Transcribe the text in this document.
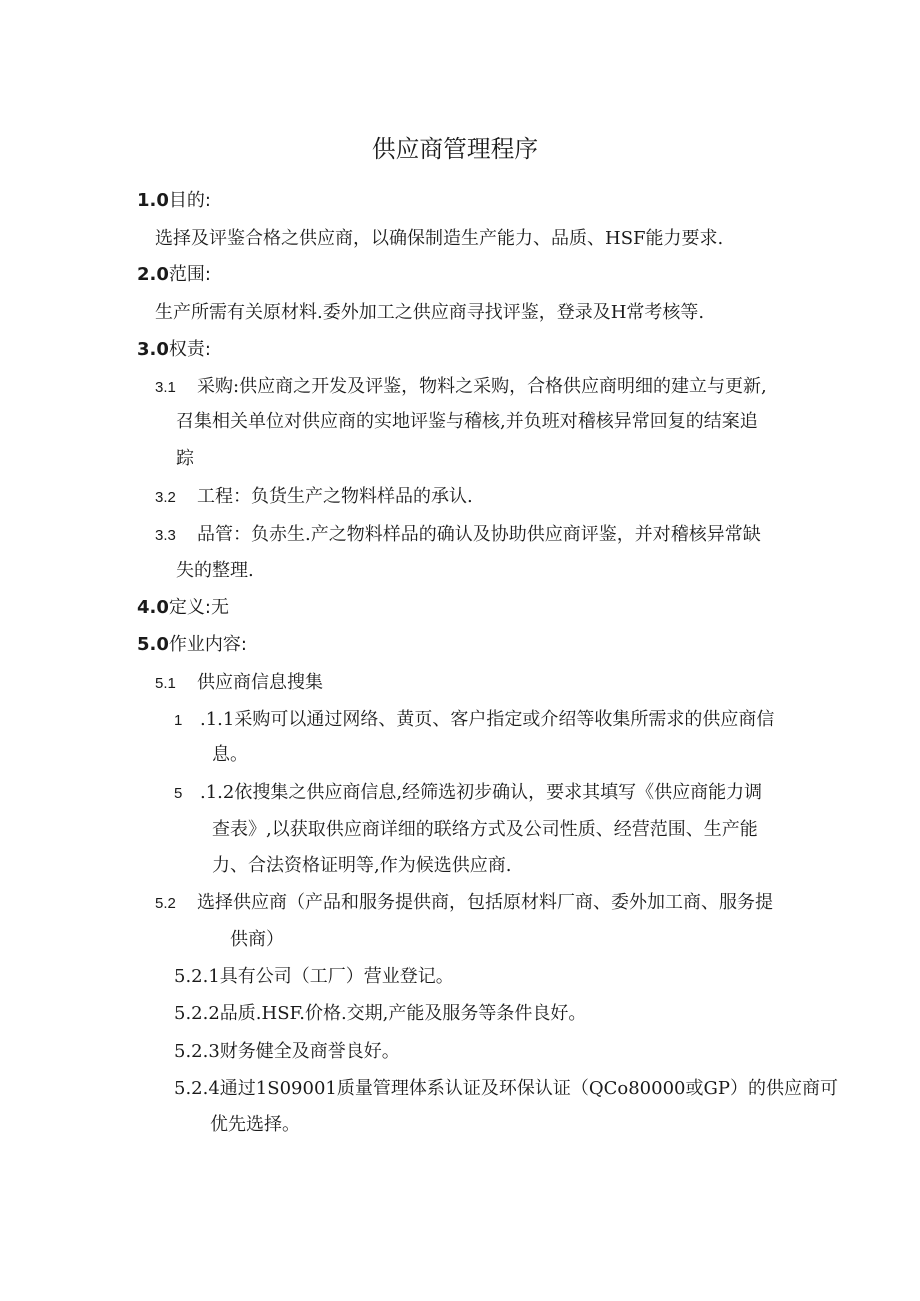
供应商管理程序
1.0目的:
选择及评鉴合格之供应商，以确保制造生产能力、品质、HSF能力要求.
2.0范围:
生产所需有关原材料.委外加工之供应商寻找评鉴，登录及H常考核等.
3.0权责:
3.1 采购:供应商之开发及评鉴，物料之采购，合格供应商明细的建立与更新,
召集相关单位对供应商的实地评鉴与稽核,并负班对稽核异常回复的结案追
踪
3.2 工程：负货生产之物料样品的承认.
3.3 品管：负赤生.产之物料样品的确认及协助供应商评鉴，并对稽核异常缺
失的整理.
4.0定义:无
5.0作业内容:
5.1 供应商信息搜集
1 .1.1采购可以通过网络、黄页、客户指定或介绍等收集所需求的供应商信
息。
5 .1.2依搜集之供应商信息,经筛选初步确认，要求其填写《供应商能力调
查表》,以获取供应商详细的联络方式及公司性质、经营范围、生产能
力、合法资格证明等,作为候选供应商.
5.2 选择供应商（产品和服务提供商，包括原材料厂商、委外加工商、服务提
供商）
5.2.1具有公司（工厂）营业登记。
5.2.2品质.HSF.价格.交期,产能及服务等条件良好。
5.2.3财务健全及商誉良好。
5.2.4通过1S09001质量管理体系认证及环保认证（QCo80000或GP）的供应商可
优先选择。
